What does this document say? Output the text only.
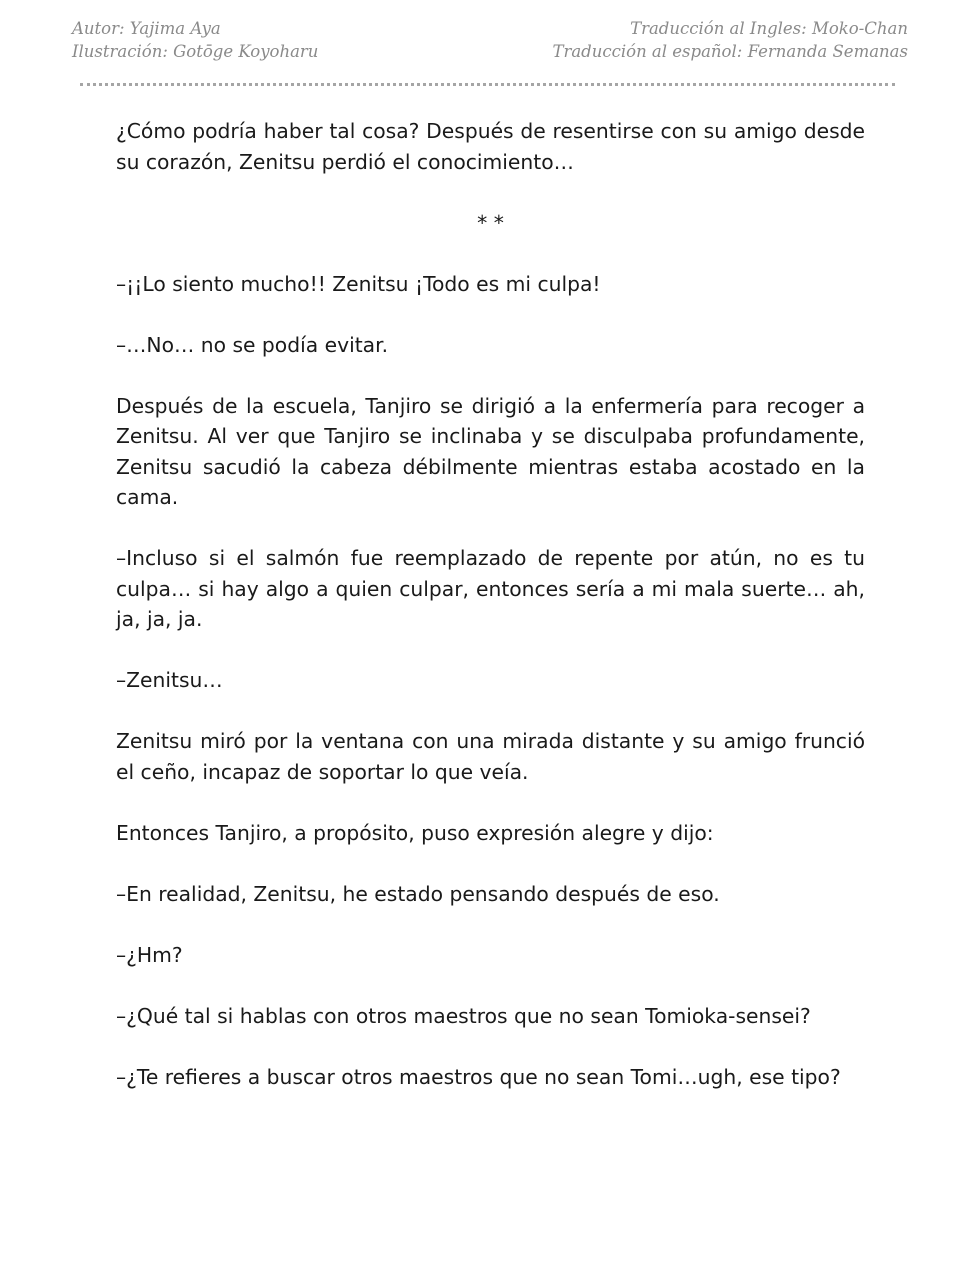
Autor: Yajima Aya	Traducción al Ingles: Moko-Chan
Ilustración: Gotōge Koyoharu	Traducción al español: Fernanda Semanas

¿Cómo podría haber tal cosa? Después de resentirse con su amigo desde su corazón, Zenitsu perdió el conocimiento…

* *

–¡¡Lo siento mucho!! Zenitsu ¡Todo es mi culpa!

–…No… no se podía evitar.

Después de la escuela, Tanjiro se dirigió a la enfermería para recoger a Zenitsu. Al ver que Tanjiro se inclinaba y se disculpaba profundamente, Zenitsu sacudió la cabeza débilmente mientras estaba acostado en la cama.

–Incluso si el salmón fue reemplazado de repente por atún, no es tu culpa… si hay algo a quien culpar, entonces sería a mi mala suerte… ah, ja, ja, ja.

–Zenitsu…

Zenitsu miró por la ventana con una mirada distante y su amigo frunció el ceño, incapaz de soportar lo que veía.

Entonces Tanjiro, a propósito, puso expresión alegre y dijo:

–En realidad, Zenitsu, he estado pensando después de eso.

–¿Hm?

–¿Qué tal si hablas con otros maestros que no sean Tomioka-sensei?

–¿Te refieres a buscar otros maestros que no sean Tomi…ugh, ese tipo?
